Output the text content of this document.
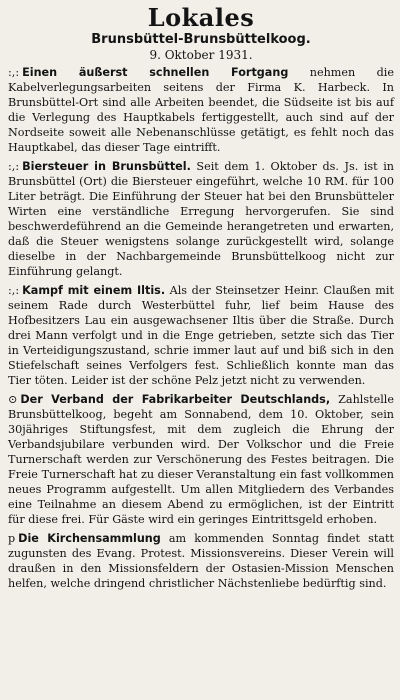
Lokales
Brunsbüttel-Brunsbüttelkoog.
9. Oktober 1931.

:,: Einen äußerst schnellen Fortgang nehmen die Kabelverlegungsarbeiten seitens der Firma K. Harbeck. In Brunsbüttel-Ort sind alle Arbeiten beendet, die Südseite ist bis auf die Verlegung des Hauptkabels fertiggestellt, auch sind auf der Nordseite soweit alle Nebenanschlüsse getätigt, es fehlt noch das Hauptkabel, das dieser Tage eintrifft.

:,: Biersteuer in Brunsbüttel. Seit dem 1. Oktober ds. Js. ist in Brunsbüttel (Ort) die Biersteuer eingeführt, welche 10 RM. für 100 Liter beträgt. Die Einführung der Steuer hat bei den Brunsbütteler Wirten eine verständliche Erregung hervorgerufen. Sie sind beschwerdeführend an die Gemeinde herangetreten und erwarten, daß die Steuer wenigstens solange zurückgestellt wird, solange dieselbe in der Nachbargemeinde Brunsbüttelkoog nicht zur Einführung gelangt.

:,: Kampf mit einem Iltis. Als der Steinsetzer Heinr. Claußen mit seinem Rade durch Westerbüttel fuhr, lief beim Hause des Hofbesitzers Lau ein ausgewachsener Iltis über die Straße. Durch drei Mann verfolgt und in die Enge getrieben, setzte sich das Tier in Verteidigungszustand, schrie immer laut auf und biß sich in den Stiefelschaft seines Verfolgers fest. Schließlich konnte man das Tier töten. Leider ist der schöne Pelz jetzt nicht zu verwenden.

⊙ Der Verband der Fabrikarbeiter Deutschlands, Zahlstelle Brunsbüttelkoog, begeht am Sonnabend, dem 10. Oktober, sein 30jähriges Stiftungsfest, mit dem zugleich die Ehrung der Verbandsjubilare verbunden wird. Der Volkschor und die Freie Turnerschaft werden zur Verschönerung des Festes beitragen. Die Freie Turnerschaft hat zu dieser Veranstaltung ein fast vollkommen neues Programm aufgestellt. Um allen Mitgliedern des Verbandes eine Teilnahme an diesem Abend zu ermöglichen, ist der Eintritt für diese frei. Für Gäste wird ein geringes Eintrittsgeld erhoben.

p Die Kirchensammlung am kommenden Sonntag findet statt zugunsten des Evang. Protest. Missionsvereins. Dieser Verein will draußen in den Missionsfeldern der Ostasien-Mission Menschen helfen, welche dringend christlicher Nächstenliebe bedürftig sind.
